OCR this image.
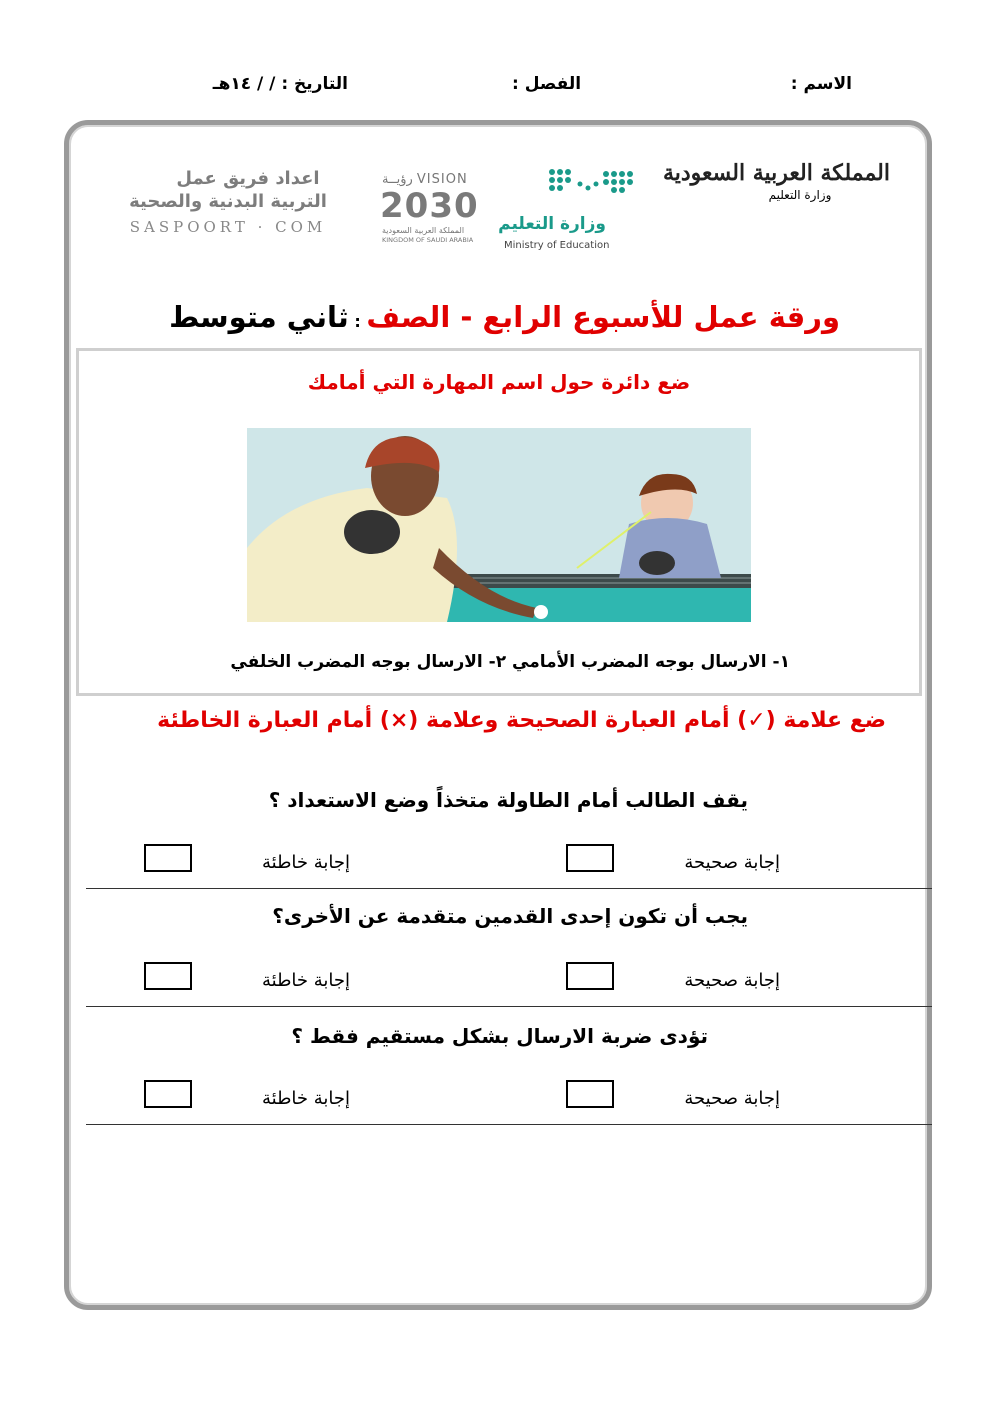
الاسم :
الفصل :
التاريخ : / / ١٤هـ
المملكة العربية السعودية
وزارة التعليم
وزارة التعليم
Ministry of Education
رؤيــة VISION
2030
المملكة العربية السعودية
KINGDOM OF SAUDI ARABIA
اعداد فريق عمل
التربية البدنية والصحية
SASPOORT · COM
ورقة عمل للأسبوع الرابع - الصف : ثاني متوسط
ضع دائرة حول اسم المهارة التي أمامك
١- الارسال بوجه المضرب الأمامي ٢- الارسال بوجه المضرب الخلفي
ضع علامة (✓) أمام العبارة الصحيحة وعلامة (×) أمام العبارة الخاطئة
يقف الطالب أمام الطاولة متخذاً وضع الاستعداد ؟
إجابة صحيحة
إجابة خاطئة
يجب أن تكون إحدى القدمين متقدمة عن الأخرى؟
إجابة صحيحة
إجابة خاطئة
تؤدى ضربة الارسال بشكل مستقيم فقط ؟
إجابة صحيحة
إجابة خاطئة
